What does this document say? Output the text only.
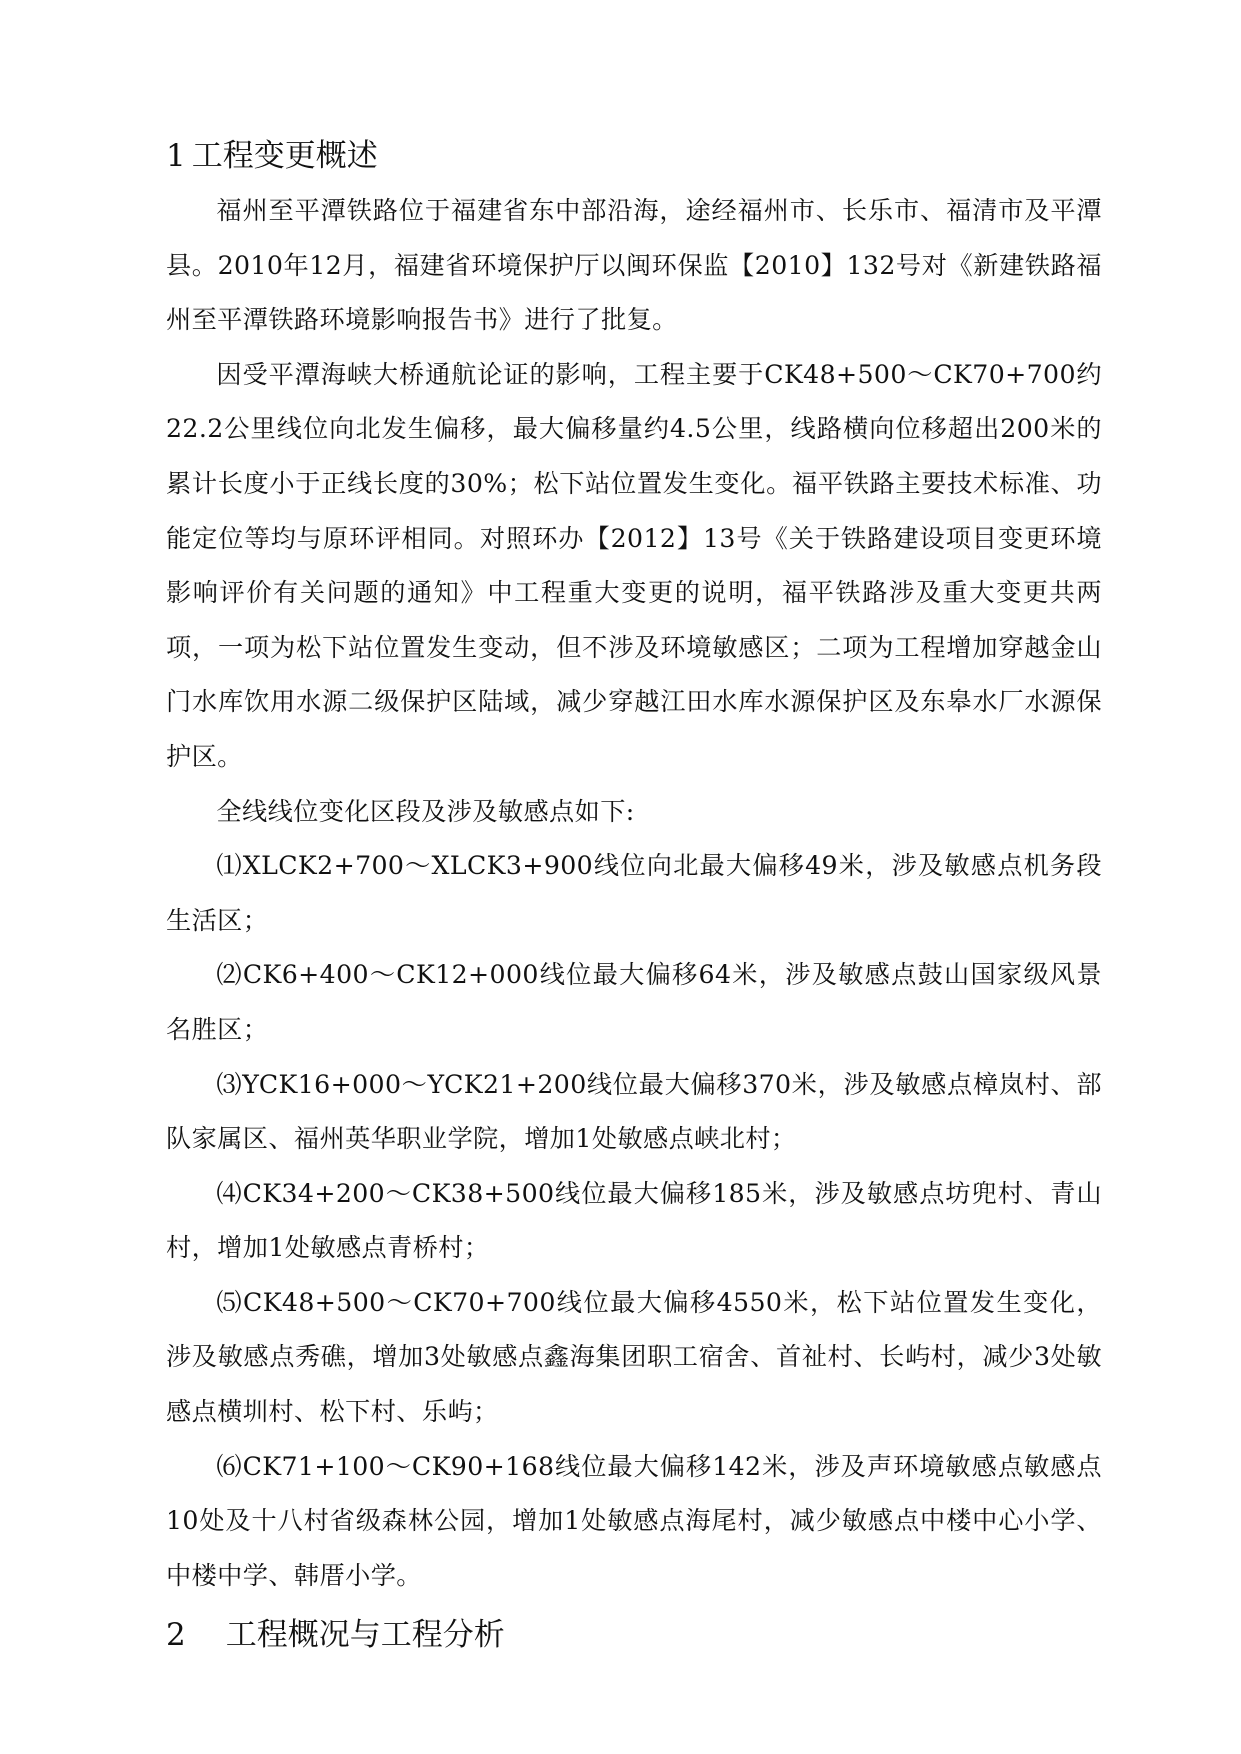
1 工程变更概述

福州至平潭铁路位于福建省东中部沿海，途经福州市、长乐市、福清市及平潭县。2010年12月，福建省环境保护厅以闽环保监【2010】132号对《新建铁路福州至平潭铁路环境影响报告书》进行了批复。

因受平潭海峡大桥通航论证的影响，工程主要于CK48+500～CK70+700约22.2公里线位向北发生偏移，最大偏移量约4.5公里，线路横向位移超出200米的累计长度小于正线长度的30%；松下站位置发生变化。福平铁路主要技术标准、功能定位等均与原环评相同。对照环办【2012】13号《关于铁路建设项目变更环境影响评价有关问题的通知》中工程重大变更的说明，福平铁路涉及重大变更共两项，一项为松下站位置发生变动，但不涉及环境敏感区；二项为工程增加穿越金山门水库饮用水源二级保护区陆域，减少穿越江田水库水源保护区及东皋水厂水源保护区。

全线线位变化区段及涉及敏感点如下:

⑴XLCK2+700～XLCK3+900线位向北最大偏移49米，涉及敏感点机务段生活区；

⑵CK6+400～CK12+000线位最大偏移64米，涉及敏感点鼓山国家级风景名胜区；

⑶YCK16+000～YCK21+200线位最大偏移370米，涉及敏感点樟岚村、部队家属区、福州英华职业学院，增加1处敏感点峡北村；

⑷CK34+200～CK38+500线位最大偏移185米，涉及敏感点坊兜村、青山村，增加1处敏感点青桥村；

⑸CK48+500～CK70+700线位最大偏移4550米，松下站位置发生变化，涉及敏感点秀礁，增加3处敏感点鑫海集团职工宿舍、首祉村、长屿村，减少3处敏感点横圳村、松下村、乐屿；

⑹CK71+100～CK90+168线位最大偏移142米，涉及声环境敏感点敏感点10处及十八村省级森林公园，增加1处敏感点海尾村，减少敏感点中楼中心小学、中楼中学、韩厝小学。

2 工程概况与工程分析
